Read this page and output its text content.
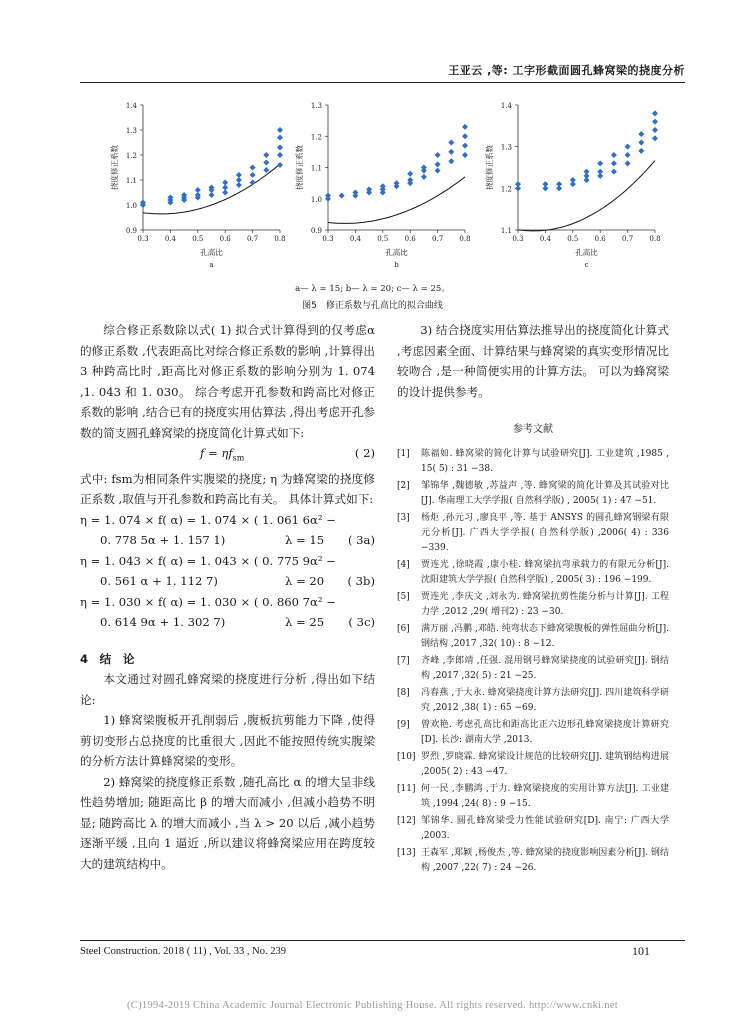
王亚云 ,等: 工字形截面圆孔蜂窝梁的挠度分析
0.9
1.0
1.1
1.2
1.3
1.4
0.3 0.4 0.5 0.6 0.7 0.8
孔高比
挠度修正系数
a
0.9
1.0
1.1
1.2
1.3
0.3 0.4 0.5 0.6 0.7 0.8
孔高比
挠度修正系数
b
1.1
1.2
1.3
1.4
0.3 0.4 0.5 0.6 0.7 0.8
孔高比
挠度修正系数
c
a— λ = 15; b— λ = 20; c— λ = 25。
图5　修正系数与孔高比的拟合曲线

综合修正系数除以式( 1) 拟合式计算得到的仅考虑α 的修正系数 ,代表距高比对综合修正系数的影响 ,计算得出 3 种跨高比时 ,距高比对修正系数的影响分别为 1. 074 ,1. 043 和 1. 030。 综合考虑开孔参数和跨高比对修正系数的影响 ,结合已有的挠度实用估算法 ,得出考虑开孔参数的简支圆孔蜂窝梁的挠度简化计算式如下:

$f = \eta f_{sm}$	( 2)

式中: fsm为相同条件实腹梁的挠度; η 为蜂窝梁的挠度修正系数 ,取值与开孔参数和跨高比有关。 具体计算式如下:

η = 1. 074 × f( α) = 1. 074 × ( 1. 061 6α² −
0. 778 5α + 1. 157 1)	λ = 15 ( 3a)
η = 1. 043 × f( α) = 1. 043 × ( 0. 775 9α² −
0. 561 α + 1. 112 7)	λ = 20 ( 3b)
η = 1. 030 × f( α) = 1. 030 × ( 0. 860 7α² −
0. 614 9α + 1. 302 7)	λ = 25 ( 3c)
4　结　论

本文通过对圆孔蜂窝梁的挠度进行分析 ,得出如下结论:

1) 蜂窝梁腹板开孔削弱后 ,腹板抗剪能力下降 ,使得剪切变形占总挠度的比重很大 ,因此不能按照传统实腹梁的分析方法计算蜂窝梁的变形。

2) 蜂窝梁的挠度修正系数 ,随孔高比 α 的增大呈非线性趋势增加; 随距高比 β 的增大而减小 ,但减小趋势不明显; 随跨高比 λ 的增大而减小 ,当 λ > 20 以后 ,减小趋势逐渐平缓 ,且向 1 逼近 ,所以建议将蜂窝梁应用在跨度较大的建筑结构中。

3) 结合挠度实用估算法推导出的挠度简化计算式 ,考虑因素全面、计算结果与蜂窝梁的真实变形情况比较吻合 ,是一种简便实用的计算方法。 可以为蜂窝梁的设计提供参考。

参考文献
[1]	陈福如. 蜂窝梁的简化计算与试验研究[J]. 工业建筑 ,1985 , 15( 5) : 31 −38.
[2]	邹锦华 ,魏德敏 ,苏益声 ,等. 蜂窝梁的简化计算及其试验对比[J]. 华南理工大学学报( 自然科学版) , 2005( 1) : 47 −51.
[3]	杨炬 ,孙元习 ,廖良平 ,等. 基于 ANSYS 的圆孔蜂窝钢梁有限元分析[J]. 广西大学学报( 自然科学版) ,2006( 4) : 336 −339.
[4]	贾连光 ,徐晓霞 ,康小桂. 蜂窝梁抗弯承载力的有限元分析[J]. 沈阳建筑大学学报( 自然科学版) , 2005( 3) : 196 −199.
[5]	贾连光 ,李庆文 ,刘永为. 蜂窝梁抗剪性能分析与计算[J]. 工程力学 ,2012 ,29( 增刊2) : 23 −30.
[6]	满万丽 ,冯鹏 ,邓皓. 纯弯状态下蜂窝梁腹板的弹性屈曲分析[J]. 钢结构 ,2017 ,32( 10) : 8 −12.
[7]	齐峰 ,李郎靖 ,任强. 混用钢号蜂窝梁挠度的试验研究[J]. 钢结构 ,2017 ,32( 5) : 21 −25.
[8]	冯春燕 ,于大永. 蜂窝梁挠度计算方法研究[J]. 四川建筑科学研究 ,2012 ,38( 1) : 65 −69.
[9]	曾欢艳. 考虑孔高比和距高比正六边形孔蜂窝梁挠度计算研究[D]. 长沙: 湖南大学 ,2013.
[10] 罗烈 ,罗晓霖. 蜂窝梁设计规范的比较研究[J]. 建筑钢结构进展 ,2005( 2) : 43 −47.
[11] 何一民 ,李鹏鸿 ,于力. 蜂窝梁挠度的实用计算方法[J]. 工业建筑 ,1994 ,24( 8) : 9 −15.
[12] 邹锦华. 圆孔蜂窝梁受力性能试验研究[D]. 南宁: 广西大学 ,2003.
[13] 王森军 ,郑颖 ,杨俊杰 ,等. 蜂窝梁的挠度影响因素分析[J]. 钢结构 ,2007 ,22( 7) : 24 −26.
Steel Construction. 2018 ( 11) , Vol. 33 , No. 239	101
(C)1994-2019 China Academic Journal Electronic Publishing House. All rights reserved. http://www.cnki.net
